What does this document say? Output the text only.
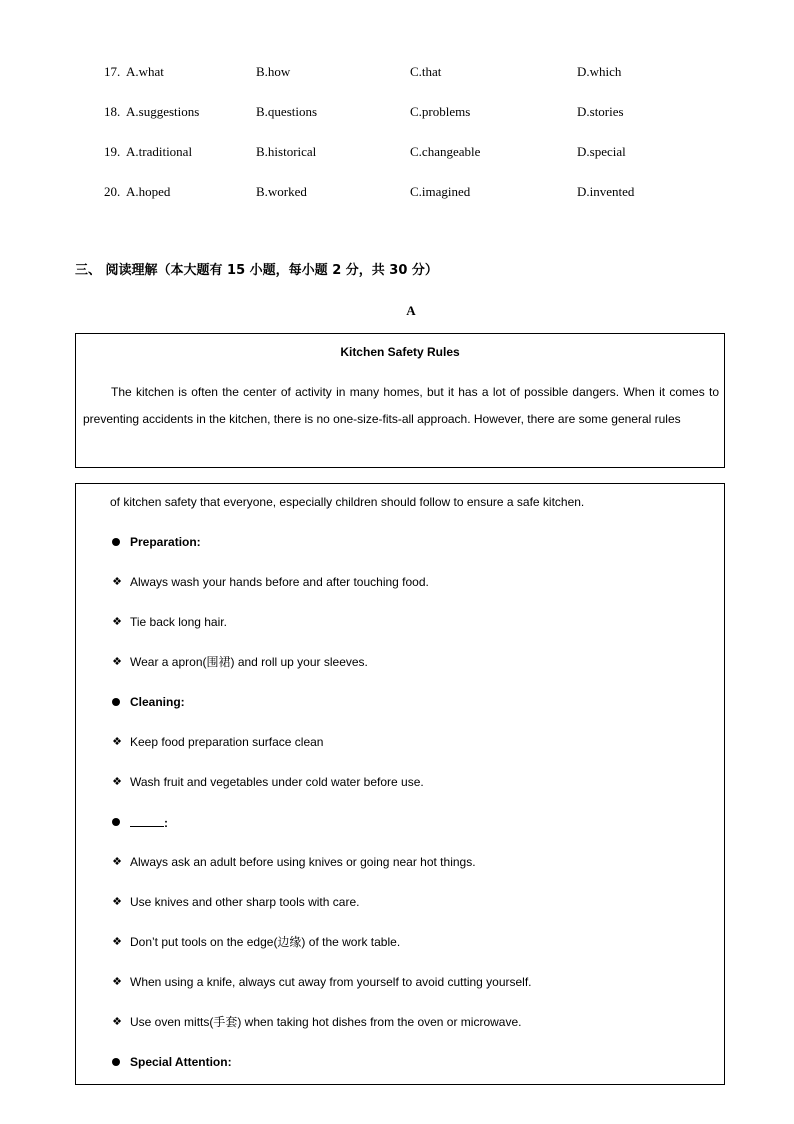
17. A.what	B.how	C.that	D.which
18. A.suggestions	B.questions	C.problems	D.stories
19. A.traditional	B.historical	C.changeable	D.special
20. A.hoped	B.worked	C.imagined	D.invented
三、 阅读理解（本大题有 15 小题，每小题 2 分，共 30 分）
A
Kitchen Safety Rules
The kitchen is often the center of activity in many homes, but it has a lot of possible dangers. When it comes to preventing accidents in the kitchen, there is no one-size-fits-all approach. However, there are some general rules
of kitchen safety that everyone, especially children should follow to ensure a safe kitchen.
Preparation:
❖ Always wash your hands before and after touching food.
❖ Tie back long hair.
❖ Wear a apron(围裙) and roll up your sleeves.
Cleaning:
❖ Keep food preparation surface clean
❖ Wash fruit and vegetables under cold water before use.
:
❖ Always ask an adult before using knives or going near hot things.
❖ Use knives and other sharp tools with care.
❖ Don’t put tools on the edge(边缘) of the work table.
❖ When using a knife, always cut away from yourself to avoid cutting yourself.
❖ Use oven mitts(手套) when taking hot dishes from the oven or microwave.
Special Attention:
